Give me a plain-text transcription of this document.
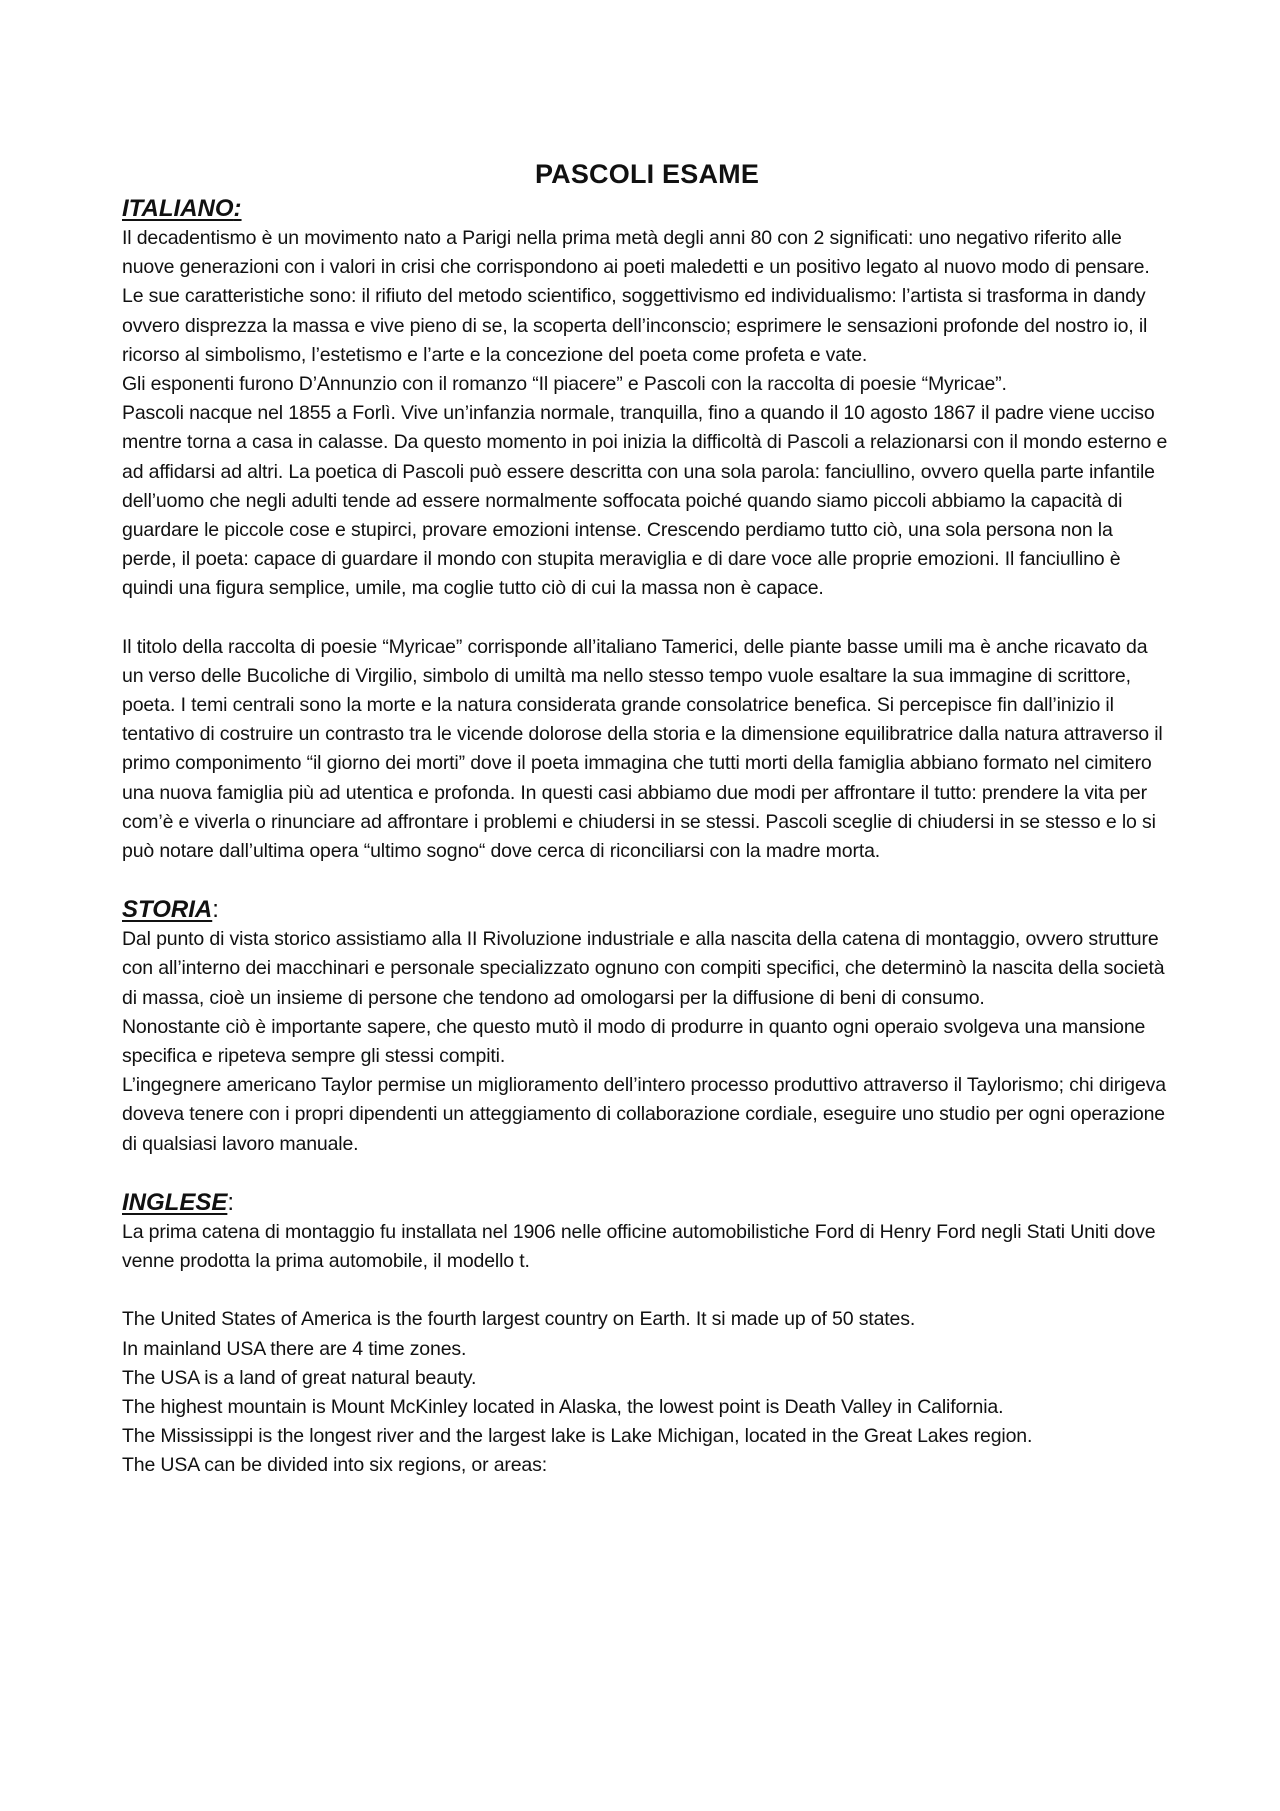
PASCOLI ESAME
ITALIANO:

Il decadentismo è un movimento nato a Parigi nella prima metà degli anni 80 con 2 significati: uno negativo riferito alle nuove generazioni con i valori in crisi che corrispondono ai poeti maledetti e un positivo legato al nuovo modo di pensare.

Le sue caratteristiche sono: il rifiuto del metodo scientifico, soggettivismo ed individualismo: l’artista si trasforma in dandy ovvero disprezza la massa e vive pieno di se, la scoperta dell’inconscio; esprimere le sensazioni profonde del nostro io, il ricorso al simbolismo, l’estetismo e l’arte e la concezione del poeta come profeta e vate.

Gli esponenti furono D’Annunzio con il romanzo “Il piacere” e Pascoli con la raccolta di poesie “Myricae”.

Pascoli nacque nel 1855 a Forlì. Vive un’infanzia normale, tranquilla, fino a quando il 10 agosto 1867 il padre viene ucciso mentre torna a casa in calasse. Da questo momento in poi inizia la difficoltà di Pascoli a relazionarsi con il mondo esterno e ad affidarsi ad altri. La poetica di Pascoli può essere descritta con una sola parola: fanciullino, ovvero quella parte infantile dell’uomo che negli adulti tende ad essere normalmente soffocata poiché quando siamo piccoli abbiamo la capacità di guardare le piccole cose e stupirci, provare emozioni intense. Crescendo perdiamo tutto ciò, una sola persona non la perde, il poeta: capace di guardare il mondo con stupita meraviglia e di dare voce alle proprie emozioni. Il fanciullino è quindi una figura semplice, umile, ma coglie tutto ciò di cui la massa non è capace.

Il titolo della raccolta di poesie “Myricae” corrisponde all’italiano Tamerici, delle piante basse umili ma è anche ricavato da un verso delle Bucoliche di Virgilio, simbolo di umiltà ma nello stesso tempo vuole esaltare la sua immagine di scrittore, poeta. I temi centrali sono la morte e la natura considerata grande consolatrice benefica. Si percepisce fin dall’inizio il tentativo di costruire un contrasto tra le vicende dolorose della storia e la dimensione equilibratrice dalla natura attraverso il primo componimento “il giorno dei morti” dove il poeta immagina che tutti morti della famiglia abbiano formato nel cimitero una nuova famiglia più ad utentica e profonda. In questi casi abbiamo due modi per affrontare il tutto: prendere la vita per com’è e viverla o rinunciare ad affrontare i problemi e chiudersi in se stessi. Pascoli sceglie di chiudersi in se stesso e lo si può notare dall’ultima opera “ultimo sogno“ dove cerca di riconciliarsi con la madre morta.

STORIA:

Dal punto di vista storico assistiamo alla II Rivoluzione industriale e alla nascita della catena di montaggio, ovvero strutture con all’interno dei macchinari e personale specializzato ognuno con compiti specifici, che determinò la nascita della società di massa, cioè un insieme di persone che tendono ad omologarsi per la diffusione di beni di consumo.

Nonostante ciò è importante sapere, che questo mutò il modo di produrre in quanto ogni operaio svolgeva una mansione specifica e ripeteva sempre gli stessi compiti.

L’ingegnere americano Taylor permise un miglioramento dell’intero processo produttivo attraverso il Taylorismo; chi dirigeva doveva tenere con i propri dipendenti un atteggiamento di collaborazione cordiale, eseguire uno studio per ogni operazione di qualsiasi lavoro manuale.

INGLESE:

La prima catena di montaggio fu installata nel 1906 nelle officine automobilistiche Ford di Henry Ford negli Stati Uniti dove venne prodotta la prima automobile, il modello t.

The United States of America is the fourth largest country on Earth. It si made up of 50 states.

In mainland USA there are 4 time zones.

The USA is a land of great natural beauty.

The highest mountain is Mount McKinley located in Alaska, the lowest point is Death Valley in California.

The Mississippi is the longest river and the largest lake is Lake Michigan, located in the Great Lakes region.

The USA can be divided into six regions, or areas:
